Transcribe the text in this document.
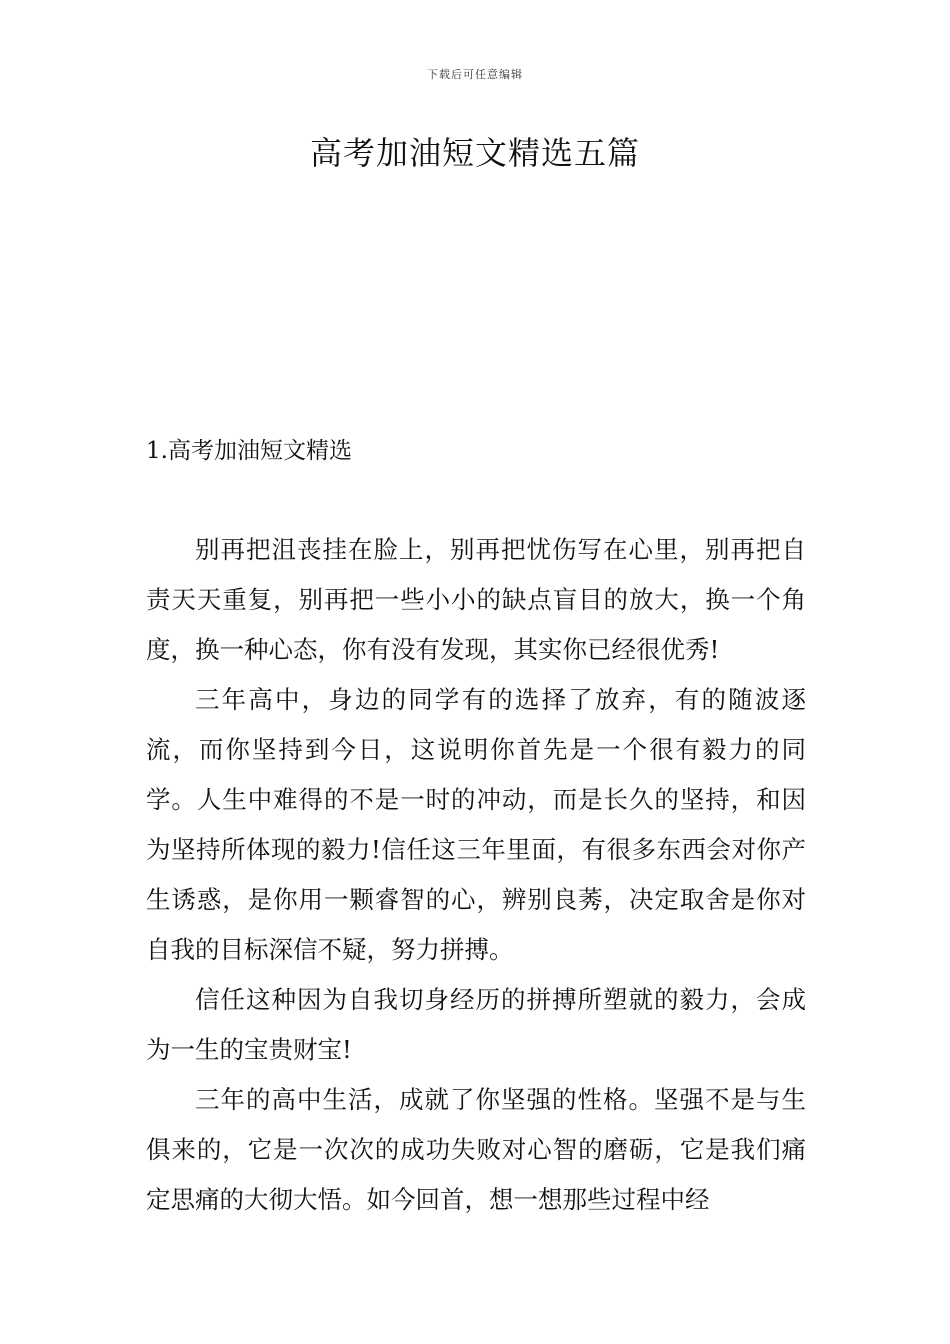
下载后可任意编辑
高考加油短文精选五篇
1.高考加油短文精选

别再把沮丧挂在脸上，别再把忧伤写在心里，别再把自责天天重复，别再把一些小小的缺点盲目的放大，换一个角度，换一种心态，你有没有发现，其实你已经很优秀!

三年高中，身边的同学有的选择了放弃，有的随波逐流，而你坚持到今日，这说明你首先是一个很有毅力的同学。人生中难得的不是一时的冲动，而是长久的坚持，和因为坚持所体现的毅力!信任这三年里面，有很多东西会对你产生诱惑，是你用一颗睿智的心，辨别良莠，决定取舍是你对自我的目标深信不疑，努力拼搏。

信任这种因为自我切身经历的拼搏所塑就的毅力，会成为一生的宝贵财宝!

三年的高中生活，成就了你坚强的性格。坚强不是与生俱来的，它是一次次的成功失败对心智的磨砺，它是我们痛定思痛的大彻大悟。如今回首，想一想那些过程中经
